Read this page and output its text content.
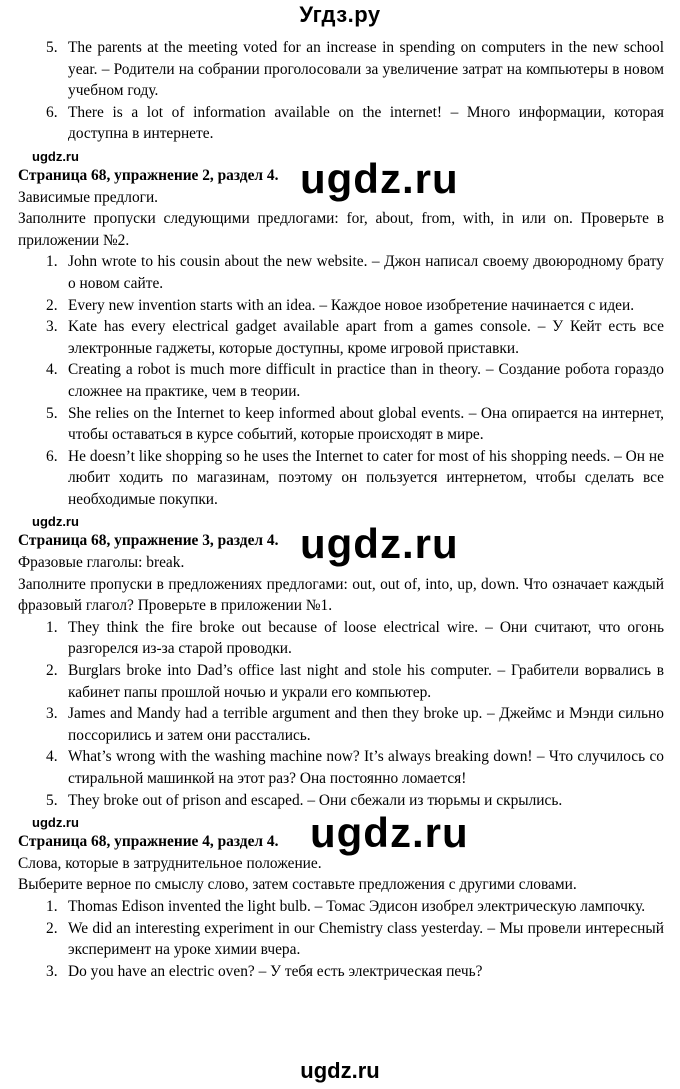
Угдз.ру
5. The parents at the meeting voted for an increase in spending on computers in the new school year. – Родители на собрании проголосовали за увеличение затрат на компьютеры в новом учебном году.
6. There is a lot of information available on the internet! – Много информации, которая доступна в интернете.
ugdz.ru	ugdz.ru
Страница 68, упражнение 2, раздел 4.
Зависимые предлоги.
Заполните пропуски следующими предлогами: for, about, from, with, in или on. Проверьте в приложении №2.
1. John wrote to his cousin about the new website. – Джон написал своему двоюродному брату о новом сайте.
2. Every new invention starts with an idea. – Каждое новое изобретение начинается с идеи.
3. Kate has every electrical gadget available apart from a games console. – У Кейт есть все электронные гаджеты, которые доступны, кроме игровой приставки.
4. Creating a robot is much more difficult in practice than in theory. – Создание робота гораздо сложнее на практике, чем в теории.
5. She relies on the Internet to keep informed about global events. – Она опирается на интернет, чтобы оставаться в курсе событий, которые происходят в мире.
6. He doesn’t like shopping so he uses the Internet to cater for most of his shopping needs. – Он не любит ходить по магазинам, поэтому он пользуется интернетом, чтобы сделать все необходимые покупки.
ugdz.ru	ugdz.ru
Страница 68, упражнение 3, раздел 4.
Фразовые глаголы: break.
Заполните пропуски в предложениях предлогами: out, out of, into, up, down. Что означает каждый фразовый глагол? Проверьте в приложении №1.
1. They think the fire broke out because of loose electrical wire. – Они считают, что огонь разгорелся из-за старой проводки.
2. Burglars broke into Dad’s office last night and stole his computer. – Грабители ворвались в кабинет папы прошлой ночью и украли его компьютер.
3. James and Mandy had a terrible argument and then they broke up. – Джеймс и Мэнди сильно поссорились и затем они расстались.
4. What’s wrong with the washing machine now? It’s always breaking down! – Что случилось со стиральной машинкой на этот раз? Она постоянно ломается!
5. They broke out of prison and escaped. – Они сбежали из тюрьмы и скрылись.
ugdz.ru	ugdz.ru
Страница 68, упражнение 4, раздел 4.
Слова, которые в затруднительное положение.
Выберите верное по смыслу слово, затем составьте предложения с другими словами.
1. Thomas Edison invented the light bulb. – Томас Эдисон изобрел электрическую лампочку.
2. We did an interesting experiment in our Chemistry class yesterday. – Мы провели интересный эксперимент на уроке химии вчера.
3. Do you have an electric oven? – У тебя есть электрическая печь?
ugdz.ru
